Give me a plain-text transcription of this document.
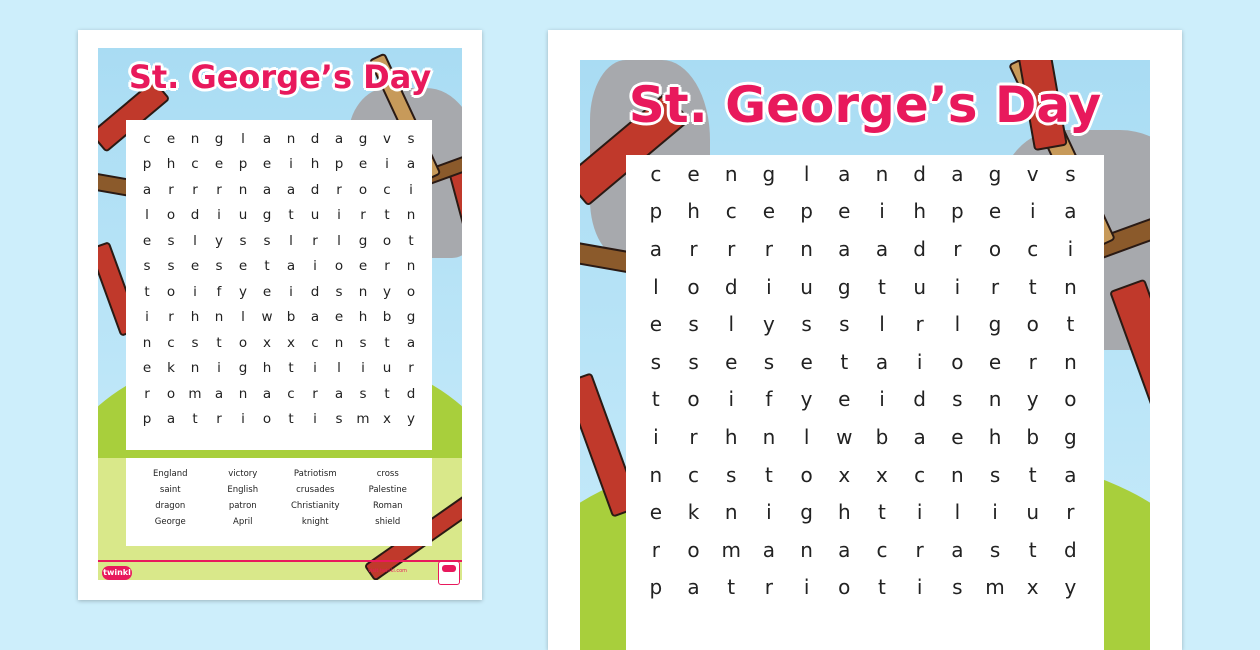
St. George’s Day
c	e	n	g	l	a	n	d	a	g	v	s
p	h	c	e	p	e	i	h	p	e	i	a
a	r	r	r	n	a	a	d	r	o	c	i
l	o	d	i	u	g	t	u	i	r	t	n
e	s	l	y	s	s	l	r	l	g	o	t
s	s	e	s	e	t	a	i	o	e	r	n
t	o	i	f	y	e	i	d	s	n	y	o
i	r	h	n	l	w	b	a	e	h	b	g
n	c	s	t	o	x	x	c	n	s	t	a
e	k	n	i	g	h	t	i	l	i	u	r
r	o	m	a	n	a	c	r	a	s	t	d
p	a	t	r	i	o	t	i	s	m	x	y
England	victory	Patriotism	cross
saint	English	crusades	Palestine
dragon	patron	Christianity	Roman
George	April	knight	shield
twinkl	visit twinkl.com
St. George’s Day
c	e	n	g	l	a	n	d	a	g	v	s
p	h	c	e	p	e	i	h	p	e	i	a
a	r	r	r	n	a	a	d	r	o	c	i
l	o	d	i	u	g	t	u	i	r	t	n
e	s	l	y	s	s	l	r	l	g	o	t
s	s	e	s	e	t	a	i	o	e	r	n
t	o	i	f	y	e	i	d	s	n	y	o
i	r	h	n	l	w	b	a	e	h	b	g
n	c	s	t	o	x	x	c	n	s	t	a
e	k	n	i	g	h	t	i	l	i	u	r
r	o	m	a	n	a	c	r	a	s	t	d
p	a	t	r	i	o	t	i	s	m	x	y
